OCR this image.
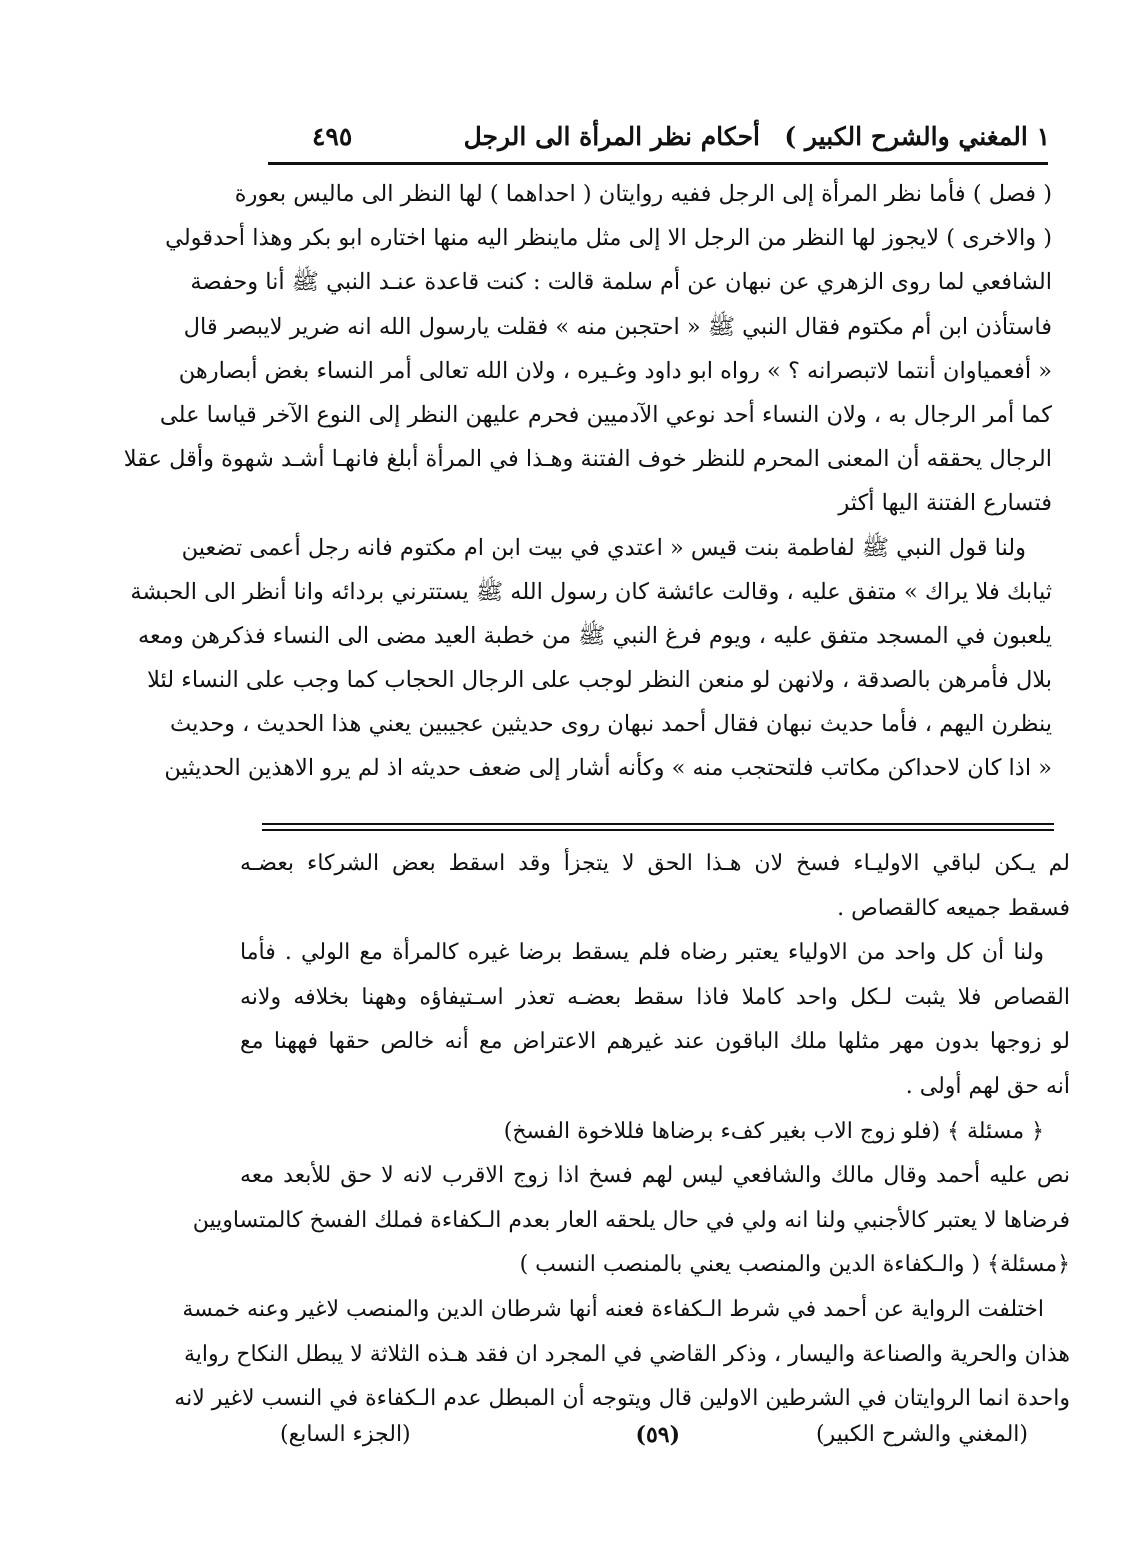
١ المغني والشرح الكبير )
أحكام نظر المرأة الى الرجل
٤٩٥
( فصل ) فأما نظر المرأة إلى الرجل ففيه روايتان ( احداهما ) لها النظر الى ماليس بعورة
( والاخرى ) لايجوز لها النظر من الرجل الا إلى مثل ماينظر اليه منها اختاره ابو بكر وهذا أحدقولي
الشافعي لما روى الزهري عن نبهان عن أم سلمة قالت : كنت قاعدة عنـد النبي ﷺ أنا وحفصة
فاستأذن ابن أم مكتوم فقال النبي ﷺ « احتجبن منه » فقلت يارسول الله انه ضرير لايبصر قال
« أفعمياوان أنتما لاتبصرانه ؟ » رواه ابو داود وغـيره ، ولان الله تعالى أمر النساء بغض أبصارهن
كما أمر الرجال به ، ولان النساء أحد نوعي الآدميين فحرم عليهن النظر إلى النوع الآخر قياسا على
الرجال يحققه أن المعنى المحرم للنظر خوف الفتنة وهـذا في المرأة أبلغ فانهـا أشـد شهوة وأقل عقلا
فتسارع الفتنة اليها أكثر
ولنا قول النبي ﷺ لفاطمة بنت قيس « اعتدي في بيت ابن ام مكتوم فانه رجل أعمى تضعين
ثيابك فلا يراك » متفق عليه ، وقالت عائشة كان رسول الله ﷺ يستترني بردائه وانا أنظر الى الحبشة
يلعبون في المسجد متفق عليه ، ويوم فرغ النبي ﷺ من خطبة العيد مضى الى النساء فذكرهن ومعه
بلال فأمرهن بالصدقة ، ولانهن لو منعن النظر لوجب على الرجال الحجاب كما وجب على النساء لئلا
ينظرن اليهم ، فأما حديث نبهان فقال أحمد نبهان روى حديثين عجيبين يعني هذا الحديث ، وحديث
« اذا كان لاحداكن مكاتب فلتحتجب منه » وكأنه أشار إلى ضعف حديثه اذ لم يرو الاهذين الحديثين
لم يـكن لباقي الاوليـاء فسخ لان هـذا الحق لا يتجزأ وقد اسقط بعض الشركاء بعضـه
فسقط جميعه كالقصاص .
ولنا أن كل واحد من الاولياء يعتبر رضاه فلم يسقط برضا غيره كالمرأة مع الولي . فأما
القصاص فلا يثبت لـكل واحد كاملا فاذا سقط بعضـه تعذر اسـتيفاؤه وههنا بخلافه ولانه
لو زوجها بدون مهر مثلها ملك الباقون عند غيرهم الاعتراض مع أنه خالص حقها فههنا مع
أنه حق لهم أولى .
﴿ مسئلة ﴾ (فلو زوج الاب بغير كفء برضاها فللاخوة الفسخ)
نص عليه أحمد وقال مالك والشافعي ليس لهم فسخ اذا زوج الاقرب لانه لا حق للأبعد معه
فرضاها لا يعتبر كالأجنبي ولنا انه ولي في حال يلحقه العار بعدم الـكفاءة فملك الفسخ كالمتساويين
﴿مسئلة﴾ ( والـكفاءة الدين والمنصب يعني بالمنصب النسب )
اختلفت الرواية عن أحمد في شرط الـكفاءة فعنه أنها شرطان الدين والمنصب لاغير وعنه خمسة
هذان والحرية والصناعة واليسار ، وذكر القاضي في المجرد ان فقد هـذه الثلاثة لا يبطل النكاح رواية
واحدة انما الروايتان في الشرطين الاولين قال ويتوجه أن المبطل عدم الـكفاءة في النسب لاغير لانه
(المغني والشرح الكبير)
(٥٩)
(الجزء السابع)
